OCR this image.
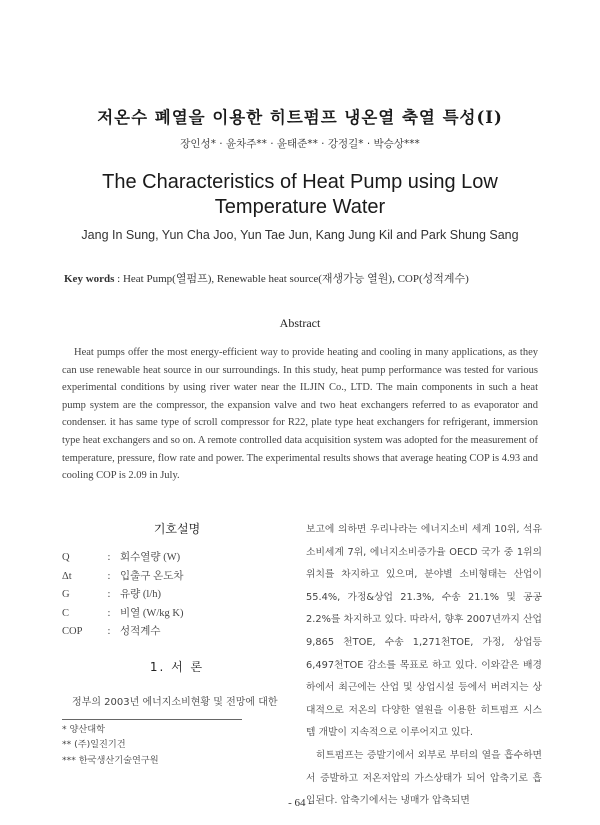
저온수 폐열을 이용한 히트펌프 냉온열 축열 특성(Ⅰ)
장인성* · 윤차주** · 윤태준** · 강정길* · 박승상***
The Characteristics of Heat Pump using Low
Temperature Water
Jang In Sung, Yun Cha Joo, Yun Tae Jun, Kang Jung Kil and Park Shung Sang
Key words : Heat Pump(열펌프), Renewable heat source(재생가능 열원), COP(성적계수)
Abstract
Heat pumps offer the most energy-efficient way to provide heating and cooling in many applications, as they can use renewable heat source in our surroundings. In this study, heat pump performance was tested for various experimental conditions by using river water near the ILJIN Co., LTD. The main components in such a heat pump system are the compressor, the expansion valve and two heat exchangers referred to as evaporator and condenser. it has same type of scroll compressor for R22, plate type heat exchangers for refrigerant, immersion type heat exchangers and so on. A remote controlled data acquisition system was adopted for the measurement of temperature, pressure, flow rate and power. The experimental results shows that average heating COP is 4.93 and cooling COP is 2.09 in July.
기호설명
Q	: 회수열량 (W)
Δt	: 입출구 온도차
G	: 유량 (l/h)
C	: 비열 (W/kg K)
COP	: 성적계수
1. 서 론
정부의 2003년 에너지소비현황 및 전망에 대한
* 양산대학
** (주)일진기건
*** 한국생산기술연구원
보고에 의하면 우리나라는 에너지소비 세계 10위, 석유소비세계 7위, 에너지소비증가율 OECD 국가 중 1위의 위치를 차지하고 있으며, 분야별 소비형태는 산업이 55.4%, 가정&상업 21.3%, 수송 21.1% 및 공공 2.2%를 차지하고 있다. 따라서, 향후 2007년까지 산업 9,865 천TOE, 수송 1,271천TOE, 가정, 상업등 6,497천TOE 감소를 목표로 하고 있다. 이와같은 배경하에서 최근에는 산업 및 상업시설 등에서 버려지는 상대적으로 저온의 다양한 열원을 이용한 히트펌프 시스템 개발이 지속적으로 이루어지고 있다.
히트펌프는 증발기에서 외부로 부터의 열을 흡수하면서 증발하고 저온저압의 가스상태가 되어 압축기로 흡입된다. 압축기에서는 냉매가 압축되면
- 64 -
